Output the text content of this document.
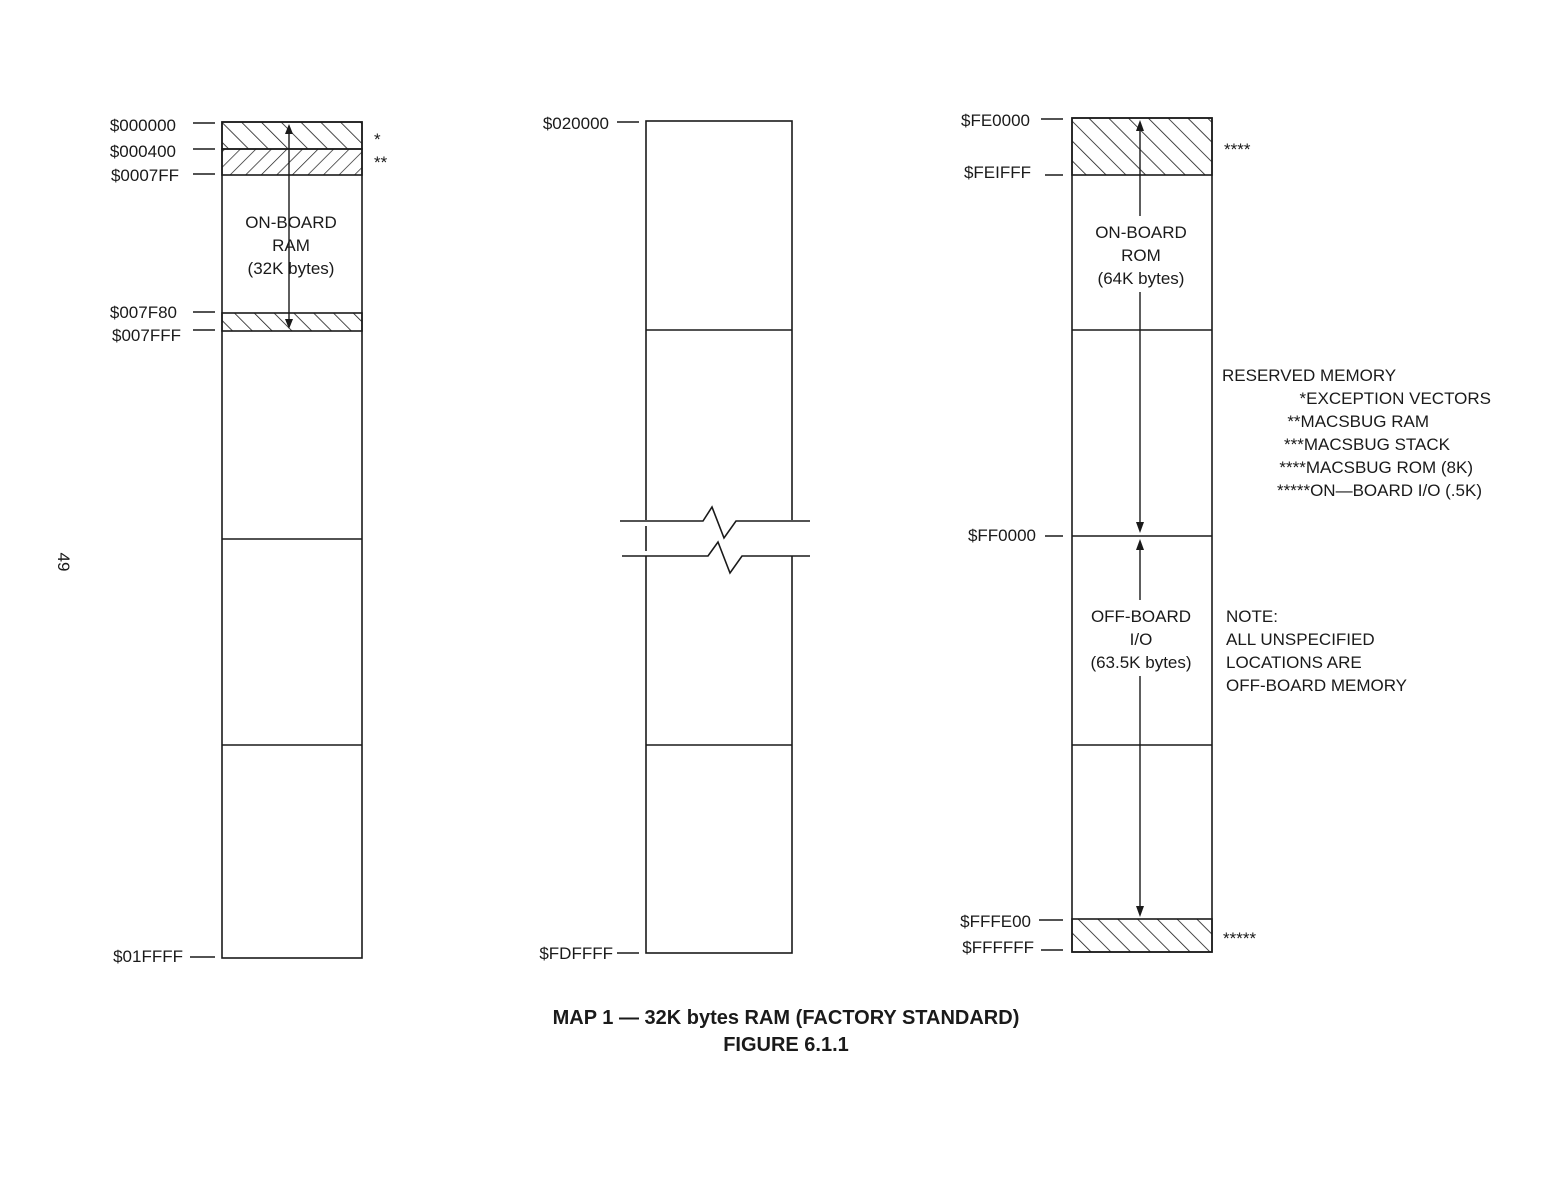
49
ON-BOARD
RAM
(32K bytes)
$000000
$000400
$0007FF
$007F80
$007FFF
$01FFFF
*
**
$020000
$FDFFFF
ON-BOARD
ROM
(64K bytes)
OFF-BOARD
I/O
(63.5K bytes)
$FE0000
$FEIFFF
$FF0000
$FFFE00
$FFFFFF
****
*****
RESERVED MEMORY
*EXCEPTION VECTORS
**MACSBUG RAM
***MACSBUG STACK
****MACSBUG ROM (8K)
*****ON—BOARD I/O (.5K)
NOTE:
ALL UNSPECIFIED
LOCATIONS ARE
OFF-BOARD MEMORY
MAP 1 — 32K bytes RAM (FACTORY STANDARD)
FIGURE 6.1.1
